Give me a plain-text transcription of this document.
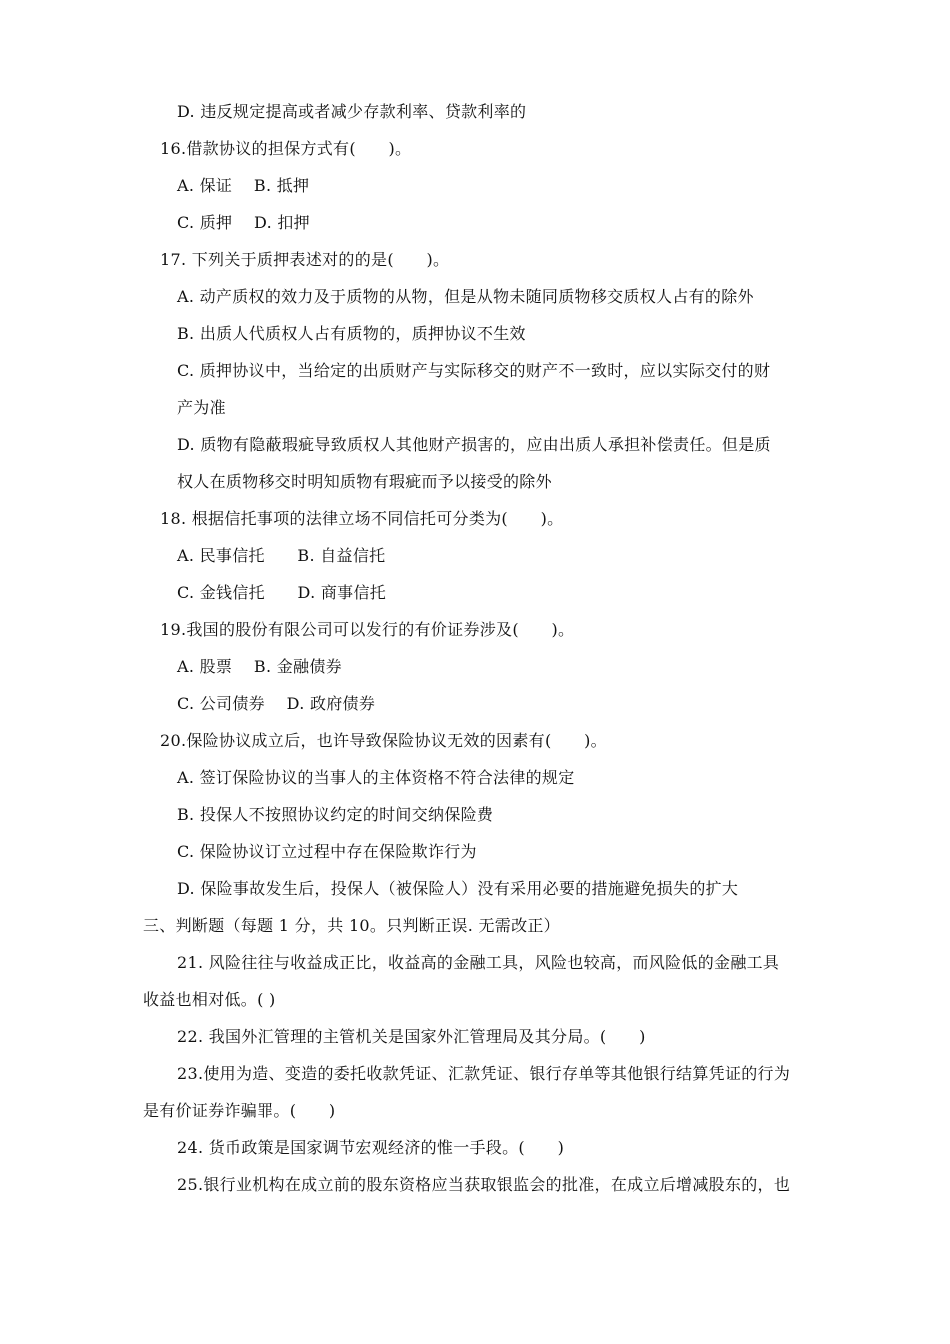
D. 违反规定提高或者减少存款利率、贷款利率的
16.借款协议的担保方式有(　　)。
A. 保证　 B. 抵押
C. 质押　 D. 扣押
17. 下列关于质押表述对的的是(　　)。
A. 动产质权的效力及于质物的从物，但是从物未随同质物移交质权人占有的除外
B. 出质人代质权人占有质物的，质押协议不生效
C. 质押协议中，当给定的出质财产与实际移交的财产不一致时，应以实际交付的财
产为准
D. 质物有隐蔽瑕疵导致质权人其他财产损害的，应由出质人承担补偿责任。但是质
权人在质物移交时明知质物有瑕疵而予以接受的除外
18. 根据信托事项的法律立场不同信托可分类为(　　)。
A. 民事信托　　B. 自益信托
C. 金钱信托　　D. 商事信托
19.我国的股份有限公司可以发行的有价证券涉及(　　)。
A. 股票　 B. 金融债券
C. 公司债券　 D. 政府债券
20.保险协议成立后，也许导致保险协议无效的因素有(　　)。
A. 签订保险协议的当事人的主体资格不符合法律的规定
B. 投保人不按照协议约定的时间交纳保险费
C. 保险协议订立过程中存在保险欺诈行为
D. 保险事故发生后，投保人（被保险人）没有采用必要的措施避免损失的扩大
三、判断题（每题 1 分，共 10。只判断正误. 无需改正）
21. 风险往往与收益成正比，收益高的金融工具，风险也较高，而风险低的金融工具
收益也相对低。( )
22. 我国外汇管理的主管机关是国家外汇管理局及其分局。(　　)
23.使用为造、变造的委托收款凭证、汇款凭证、银行存单等其他银行结算凭证的行为
是有价证券诈骗罪。(　　)
24. 货币政策是国家调节宏观经济的惟一手段。(　　)
25.银行业机构在成立前的股东资格应当获取银监会的批准，在成立后增减股东的，也
